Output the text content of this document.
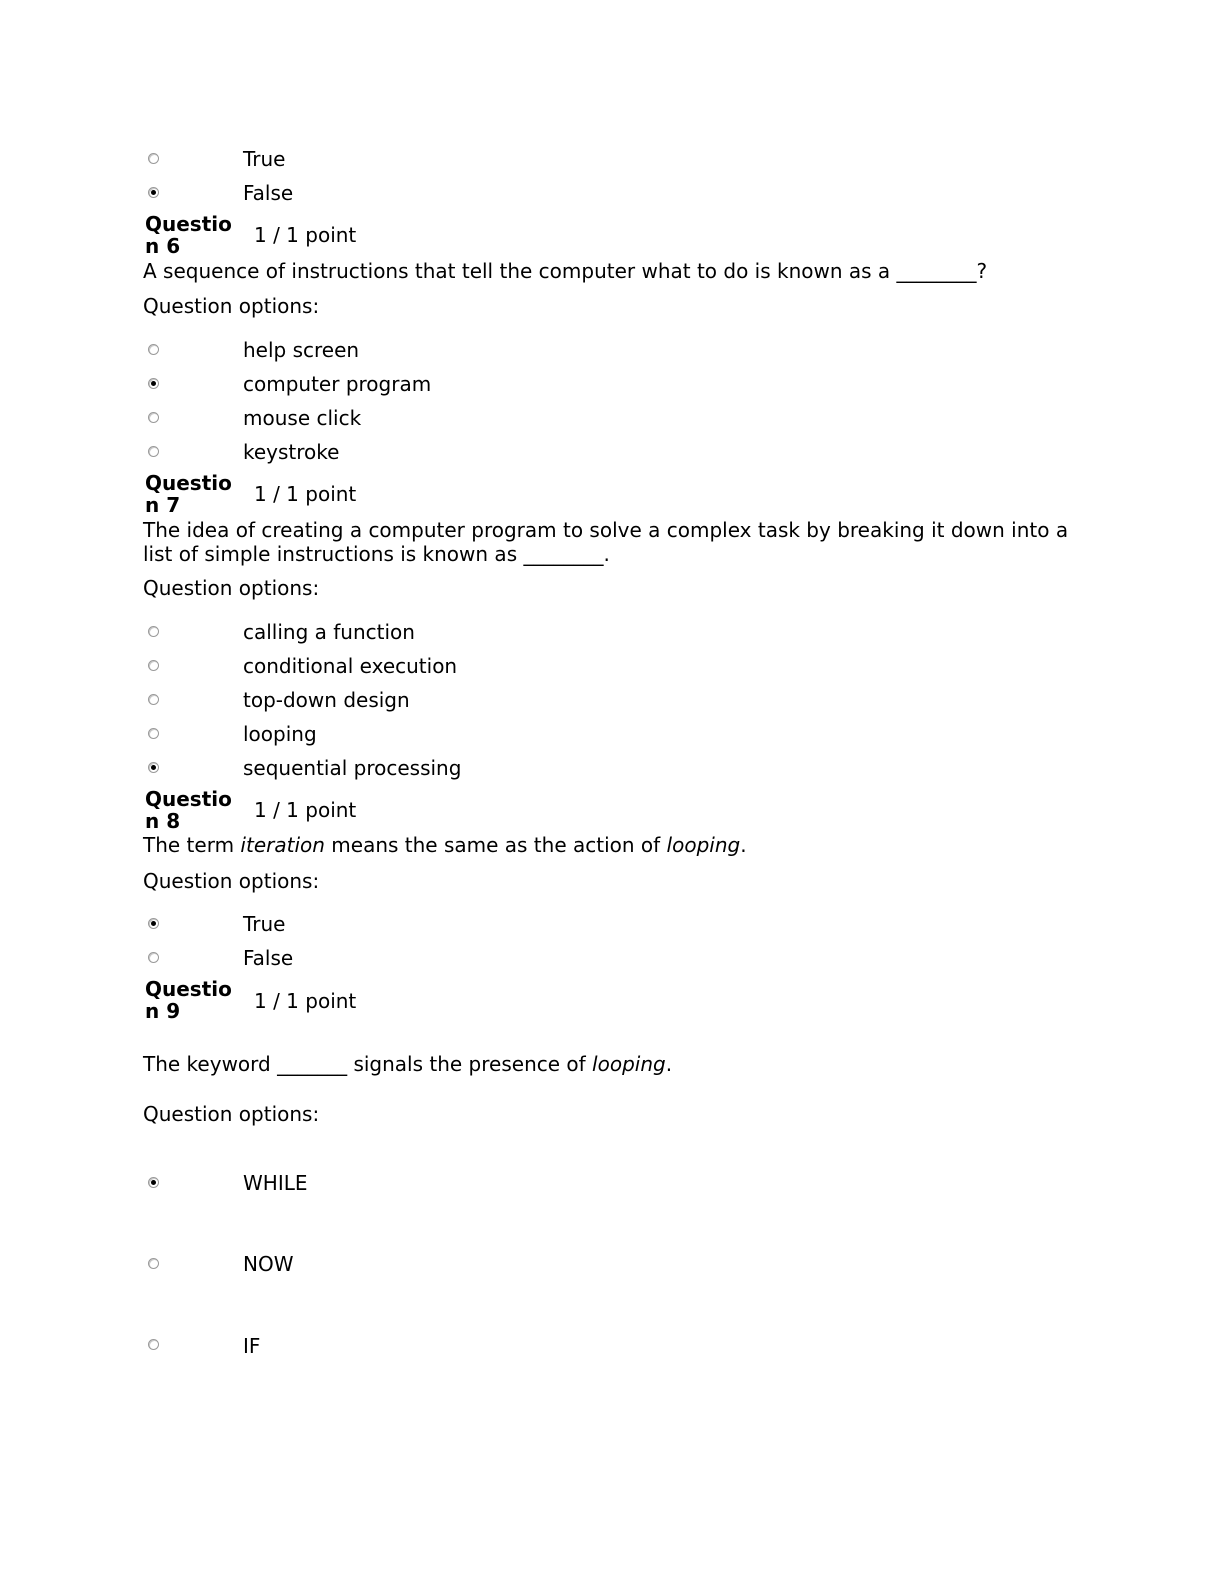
True
False
Question 6	1 / 1 point
A sequence of instructions that tell the computer what to do is known as a ________?
Question options:
help screen
computer program
mouse click
keystroke
Question 7	1 / 1 point
The idea of creating a computer program to solve a complex task by breaking it down into a
list of simple instructions is known as ________.
Question options:
calling a function
conditional execution
top-down design
looping
sequential processing
Question 8	1 / 1 point
The term iteration means the same as the action of looping.
Question options:
True
False
Question 9	1 / 1 point
The keyword _______ signals the presence of looping.
Question options:
WHILE
NOW
IF
